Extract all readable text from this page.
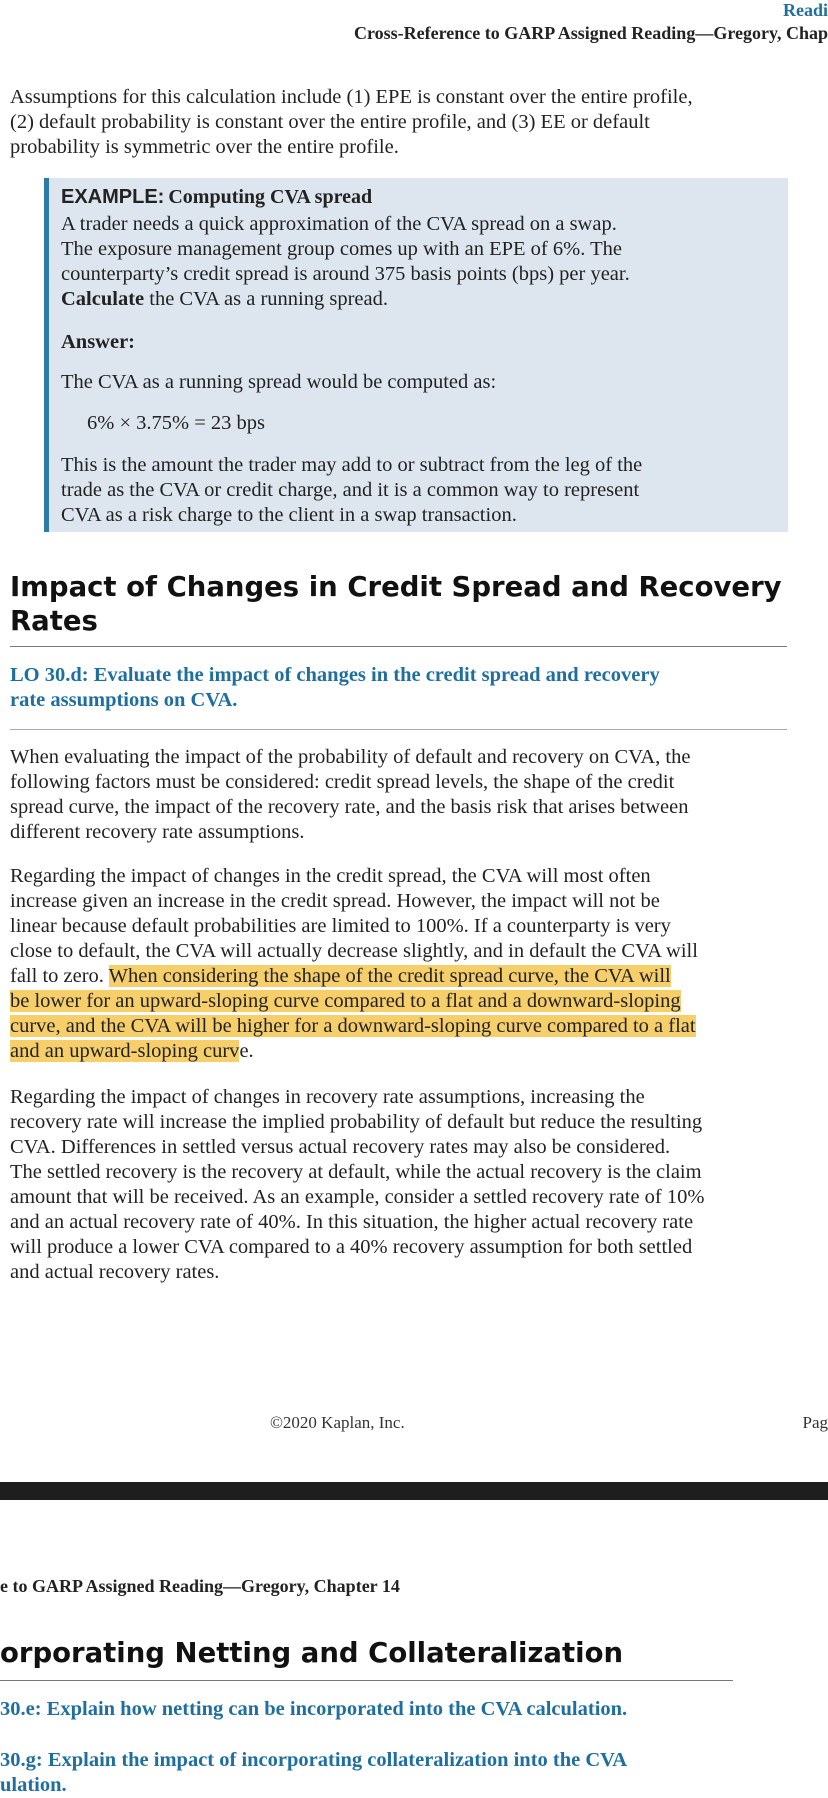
Readi
Cross-Reference to GARP Assigned Reading—Gregory, Chap
Assumptions for this calculation include (1) EPE is constant over the entire profile,
(2) default probability is constant over the entire profile, and (3) EE or default
probability is symmetric over the entire profile.
EXAMPLE: Computing CVA spread
A trader needs a quick approximation of the CVA spread on a swap.
The exposure management group comes up with an EPE of 6%. The
counterparty’s credit spread is around 375 basis points (bps) per year.
Calculate the CVA as a running spread.
Answer:
The CVA as a running spread would be computed as:
6% × 3.75% = 23 bps
This is the amount the trader may add to or subtract from the leg of the
trade as the CVA or credit charge, and it is a common way to represent
CVA as a risk charge to the client in a swap transaction.
Impact of Changes in Credit Spread and Recovery
Rates
LO 30.d: Evaluate the impact of changes in the credit spread and recovery
rate assumptions on CVA.
When evaluating the impact of the probability of default and recovery on CVA, the
following factors must be considered: credit spread levels, the shape of the credit
spread curve, the impact of the recovery rate, and the basis risk that arises between
different recovery rate assumptions.
Regarding the impact of changes in the credit spread, the CVA will most often
increase given an increase in the credit spread. However, the impact will not be
linear because default probabilities are limited to 100%. If a counterparty is very
close to default, the CVA will actually decrease slightly, and in default the CVA will
fall to zero. When considering the shape of the credit spread curve, the CVA will
be lower for an upward-sloping curve compared to a flat and a downward-sloping
curve, and the CVA will be higher for a downward-sloping curve compared to a flat
and an upward-sloping curve.
Regarding the impact of changes in recovery rate assumptions, increasing the
recovery rate will increase the implied probability of default but reduce the resulting
CVA. Differences in settled versus actual recovery rates may also be considered.
The settled recovery is the recovery at default, while the actual recovery is the claim
amount that will be received. As an example, consider a settled recovery rate of 10%
and an actual recovery rate of 40%. In this situation, the higher actual recovery rate
will produce a lower CVA compared to a 40% recovery assumption for both settled
and actual recovery rates.
©2020 Kaplan, Inc.	Pag
e to GARP Assigned Reading—Gregory, Chapter 14
orporating Netting and Collateralization
30.e: Explain how netting can be incorporated into the CVA calculation.
30.g: Explain the impact of incorporating collateralization into the CVA
ulation.
